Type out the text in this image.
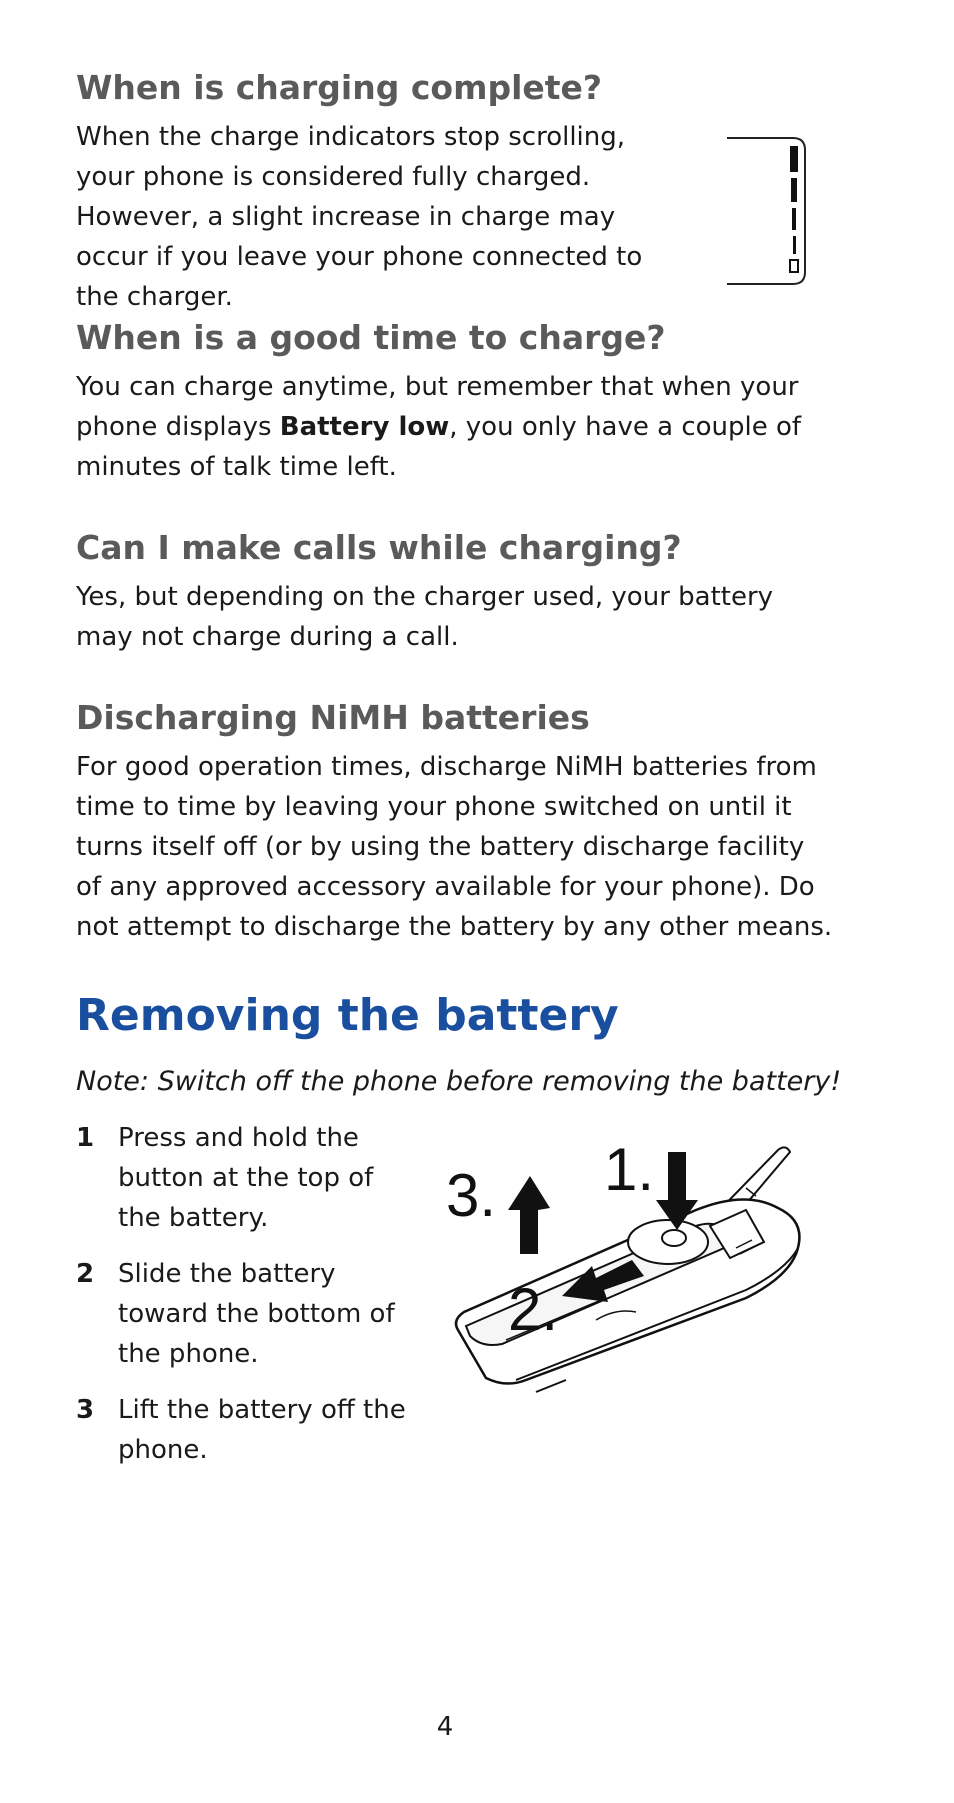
When is charging complete?

When the charge indicators stop scrolling, your phone is considered fully charged. However, a slight increase in charge may occur if you leave your phone connected to the charger.

When is a good time to charge?

You can charge anytime, but remember that when your phone displays Battery low, you only have a couple of minutes of talk time left.

Can I make calls while charging?

Yes, but depending on the charger used, your battery may not charge during a call.

Discharging NiMH batteries

For good operation times, discharge NiMH batteries from time to time by leaving your phone switched on until it turns itself off (or by using the battery discharge facility of any approved accessory available for your phone). Do not attempt to discharge the battery by any other means.

Removing the battery

Note: Switch off the phone before removing the battery!

1 Press and hold the button at the top of the battery.
2 Slide the battery toward the bottom of the phone.
3 Lift the battery off the phone.
1.
2.
3.
4
